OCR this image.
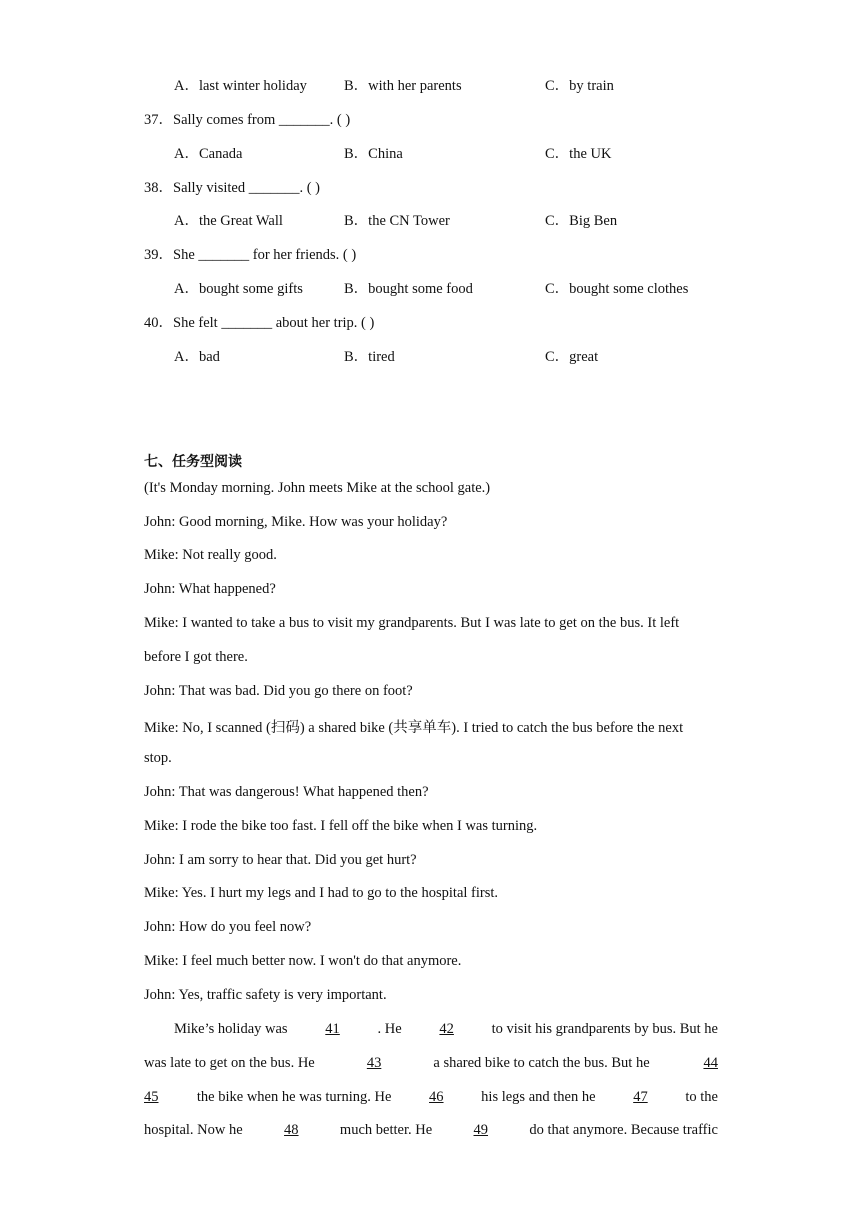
A．last winter holiday	B．with her parents	C．by train
37．Sally comes from _______. ( )
A．Canada	B．China	C．the UK
38．Sally visited _______. ( )
A．the Great Wall	B．the CN Tower	C．Big Ben
39．She _______ for her friends. ( )
A．bought some gifts	B．bought some food	C．bought some clothes
40．She felt _______ about her trip. ( )
A．bad	B．tired	C．great
七、任务型阅读
(It's Monday morning. John meets Mike at the school gate.)
John: Good morning, Mike. How was your holiday?
Mike: Not really good.
John: What happened?
Mike: I wanted to take a bus to visit my grandparents. But I was late to get on the bus. It left
before I got there.
John: That was bad. Did you go there on foot?
Mike: No, I scanned (扫码) a shared bike (共享单车). I tried to catch the bus before the next
stop.
John: That was dangerous! What happened then?
Mike: I rode the bike too fast. I fell off the bike when I was turning.
John: I am sorry to hear that. Did you get hurt?
Mike: Yes. I hurt my legs and I had to go to the hospital first.
John: How do you feel now?
Mike: I feel much better now. I won't do that anymore.
John: Yes, traffic safety is very important.
Mike’s holiday was	41	. He	42	to visit his grandparents by bus. But he
was late to get on the bus. He	43	a shared bike to catch the bus. But he	44
45	the bike when he was turning. He	46	his legs and then he	47	to the
hospital. Now he	48	much better. He	49	do that anymore. Because traffic
